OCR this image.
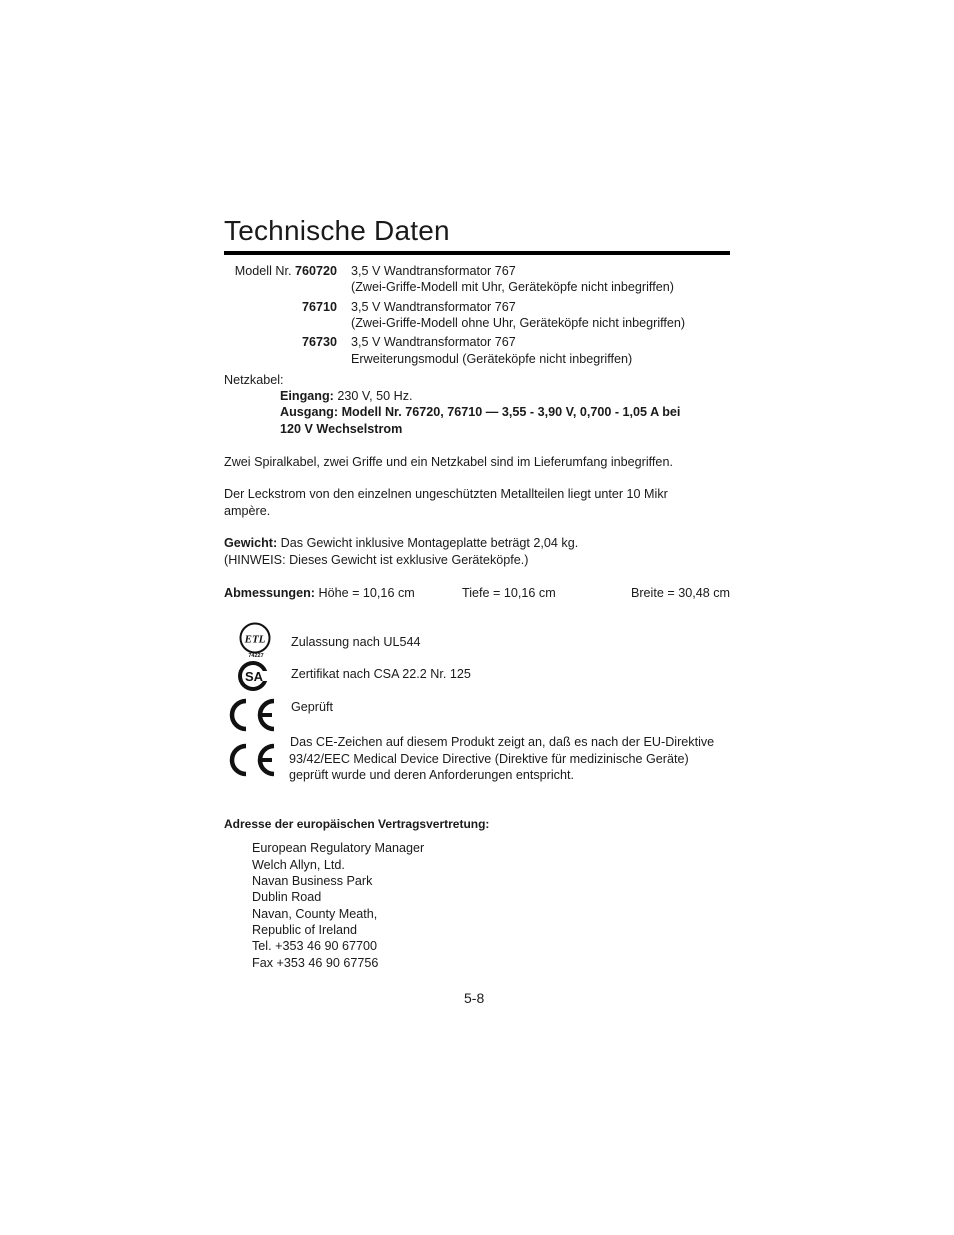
Technische Daten
Modell Nr. 760720 3,5 V Wandtransformator 767
(Zwei-Griffe-Modell mit Uhr, Geräteköpfe nicht inbegriffen)
76710 3,5 V Wandtransformator 767
(Zwei-Griffe-Modell ohne Uhr, Geräteköpfe nicht inbegriffen)
76730 3,5 V Wandtransformator 767
Erweiterungsmodul (Geräteköpfe nicht inbegriffen)
Netzkabel:
Eingang: 230 V, 50 Hz.
Ausgang: Modell Nr. 76720, 76710 — 3,55 - 3,90 V, 0,700 - 1,05 A bei
120 V Wechselstrom
Zwei Spiralkabel, zwei Griffe und ein Netzkabel sind im Lieferumfang inbegriffen.
Der Leckstrom von den einzelnen ungeschützten Metallteilen liegt unter 10 Mikr
ampère.
Gewicht: Das Gewicht inklusive Montageplatte beträgt 2,04 kg.
(HINWEIS: Dieses Gewicht ist exklusive Geräteköpfe.)
Abmessungen: Höhe = 10,16 cm	Tiefe = 10,16 cm	Breite = 30,48 cm
ETL
74227
Zulassung nach UL544
SA Zertifikat nach CSA 22.2 Nr. 125
Geprüft
Das CE-Zeichen auf diesem Produkt zeigt an, daß es nach der EU-Direktive
93/42/EEC Medical Device Directive (Direktive für medizinische Geräte)
geprüft wurde und deren Anforderungen entspricht.
Adresse der europäischen Vertragsvertretung:
European Regulatory Manager
Welch Allyn, Ltd.
Navan Business Park
Dublin Road
Navan, County Meath,
Republic of Ireland
Tel. +353 46 90 67700
Fax +353 46 90 67756
5-8
